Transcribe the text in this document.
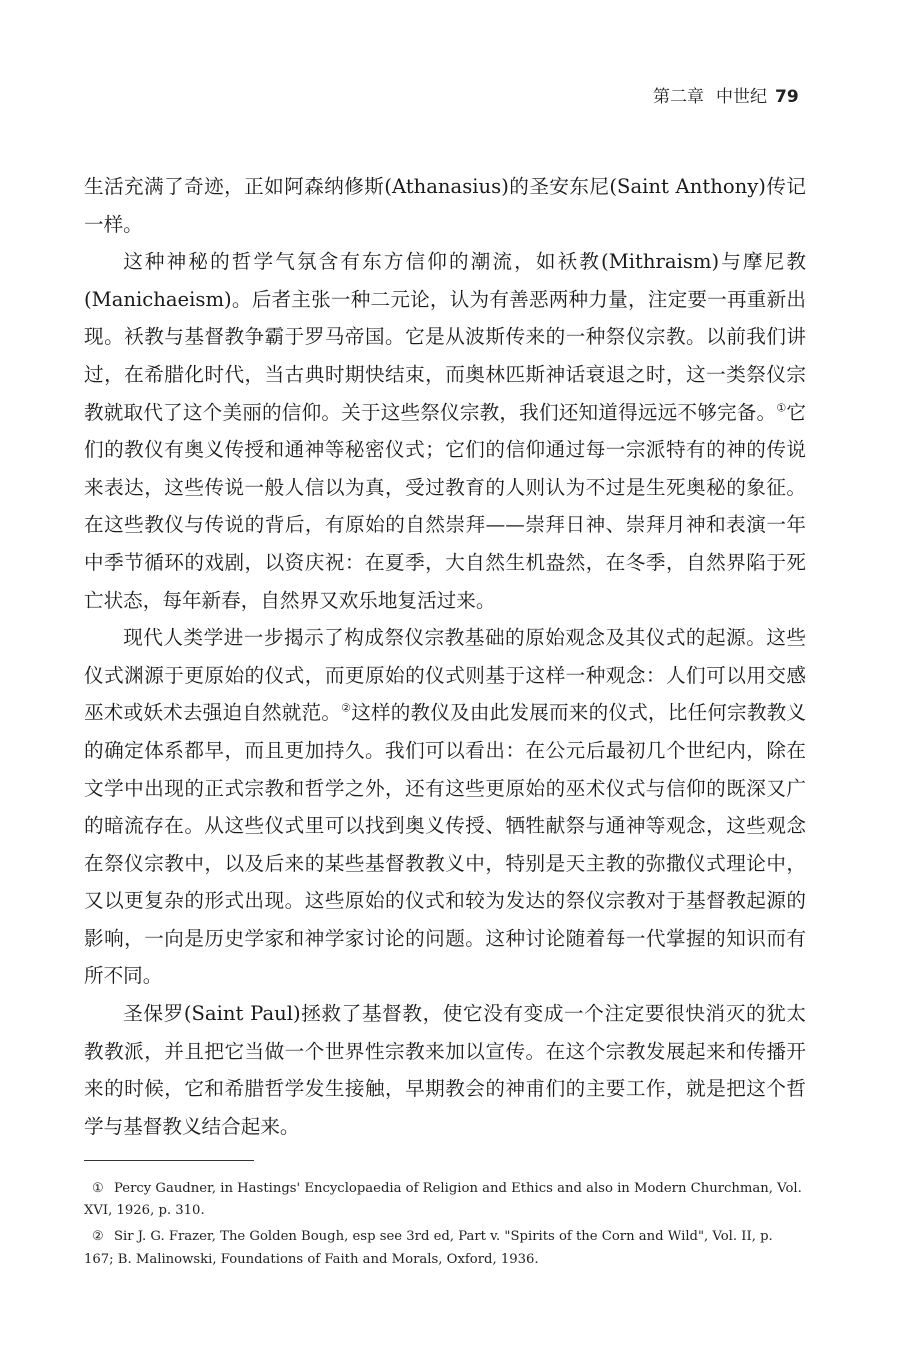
第二章 中世纪 79

生活充满了奇迹，正如阿森纳修斯(Athanasius)的圣安东尼(Saint Anthony)传记一样。

这种神秘的哲学气氛含有东方信仰的潮流，如袄教(Mithraism)与摩尼教(Manichaeism)。后者主张一种二元论，认为有善恶两种力量，注定要一再重新出现。袄教与基督教争霸于罗马帝国。它是从波斯传来的一种祭仪宗教。以前我们讲过，在希腊化时代，当古典时期快结束，而奥林匹斯神话衰退之时，这一类祭仪宗教就取代了这个美丽的信仰。关于这些祭仪宗教，我们还知道得远远不够完备。①它们的教仪有奥义传授和通神等秘密仪式；它们的信仰通过每一宗派特有的神的传说来表达，这些传说一般人信以为真，受过教育的人则认为不过是生死奥秘的象征。在这些教仪与传说的背后，有原始的自然崇拜——崇拜日神、崇拜月神和表演一年中季节循环的戏剧，以资庆祝：在夏季，大自然生机盎然，在冬季，自然界陷于死亡状态，每年新春，自然界又欢乐地复活过来。

现代人类学进一步揭示了构成祭仪宗教基础的原始观念及其仪式的起源。这些仪式渊源于更原始的仪式，而更原始的仪式则基于这样一种观念：人们可以用交感巫术或妖术去强迫自然就范。②这样的教仪及由此发展而来的仪式，比任何宗教教义的确定体系都早，而且更加持久。我们可以看出：在公元后最初几个世纪内，除在文学中出现的正式宗教和哲学之外，还有这些更原始的巫术仪式与信仰的既深又广的暗流存在。从这些仪式里可以找到奥义传授、牺牲献祭与通神等观念，这些观念在祭仪宗教中，以及后来的某些基督教教义中，特别是天主教的弥撒仪式理论中，又以更复杂的形式出现。这些原始的仪式和较为发达的祭仪宗教对于基督教起源的影响，一向是历史学家和神学家讨论的问题。这种讨论随着每一代掌握的知识而有所不同。

圣保罗(Saint Paul)拯救了基督教，使它没有变成一个注定要很快消灭的犹太教教派，并且把它当做一个世界性宗教来加以宣传。在这个宗教发展起来和传播开来的时候，它和希腊哲学发生接触，早期教会的神甫们的主要工作，就是把这个哲学与基督教义结合起来。

① Percy Gaudner, in Hastings' Encyclopaedia of Religion and Ethics and also in Modern Churchman, Vol. XVI, 1926, p. 310.

② Sir J. G. Frazer, The Golden Bough, esp see 3rd ed, Part v. "Spirits of the Corn and Wild", Vol. II, p. 167; B. Malinowski, Foundations of Faith and Morals, Oxford, 1936.
